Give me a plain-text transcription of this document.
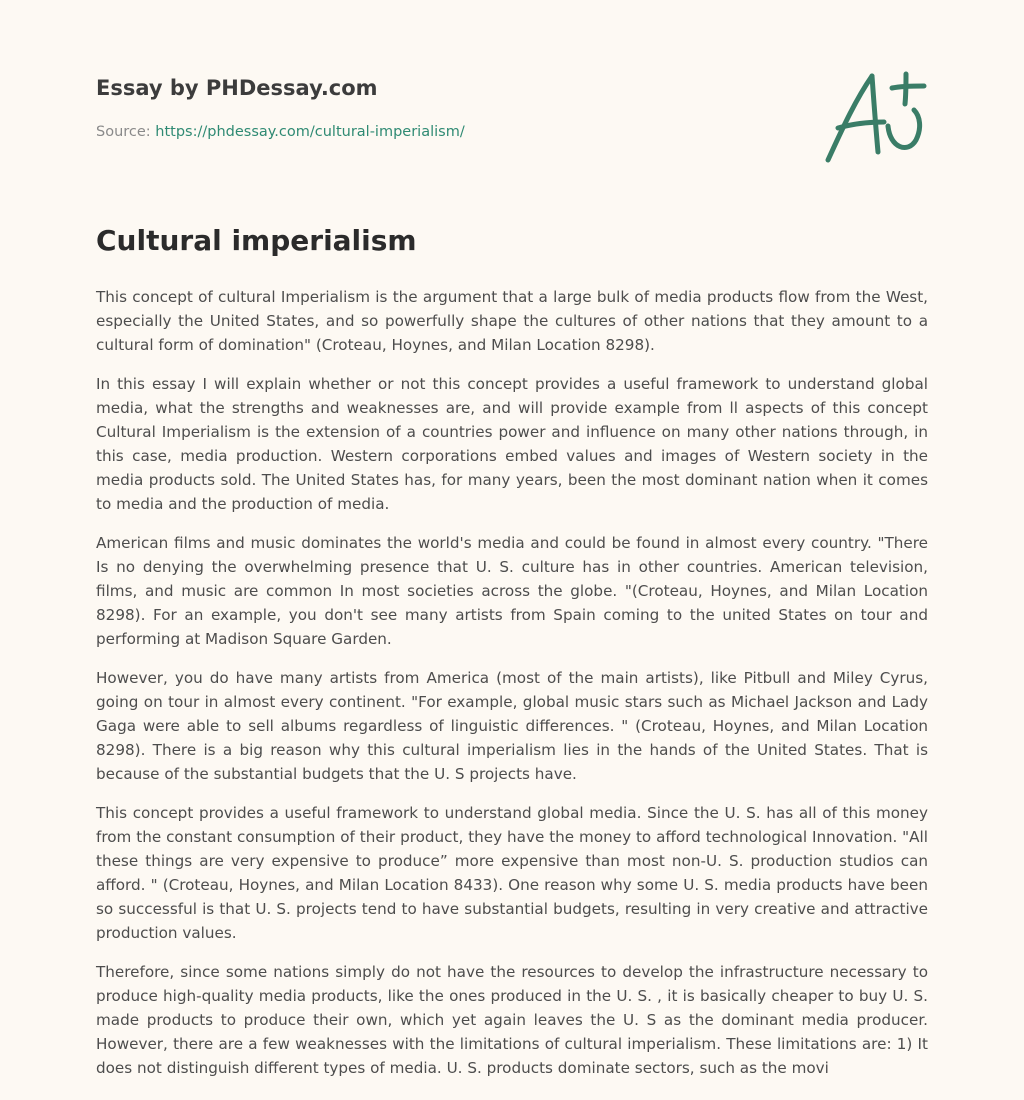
Essay by PHDessay.com
Source: https://phdessay.com/cultural-imperialism/
Cultural imperialism

This concept of cultural Imperialism is the argument that a large bulk of media products flow from the West, especially the United States, and so powerfully shape the cultures of other nations that they amount to a cultural form of domination" (Croteau, Hoynes, and Milan Location 8298).

In this essay I will explain whether or not this concept provides a useful framework to understand global media, what the strengths and weaknesses are, and will provide example from ll aspects of this concept Cultural Imperialism is the extension of a countries power and influence on many other nations through, in this case, media production. Western corporations embed values and images of Western society in the media products sold. The United States has, for many years, been the most dominant nation when it comes to media and the production of media.

American films and music dominates the world's media and could be found in almost every country. "There Is no denying the overwhelming presence that U. S. culture has in other countries. American television, films, and music are common In most societies across the globe. "(Croteau, Hoynes, and Milan Location 8298). For an example, you don't see many artists from Spain coming to the united States on tour and performing at Madison Square Garden.

However, you do have many artists from America (most of the main artists), like Pitbull and Miley Cyrus, going on tour in almost every continent. "For example, global music stars such as Michael Jackson and Lady Gaga were able to sell albums regardless of linguistic differences. " (Croteau, Hoynes, and Milan Location 8298). There is a big reason why this cultural imperialism lies in the hands of the United States. That is because of the substantial budgets that the U. S projects have.

This concept provides a useful framework to understand global media. Since the U. S. has all of this money from the constant consumption of their product, they have the money to afford technological Innovation. "All these things are very expensive to produce” more expensive than most non-U. S. production studios can afford. " (Croteau, Hoynes, and Milan Location 8433). One reason why some U. S. media products have been so successful is that U. S. projects tend to have substantial budgets, resulting in very creative and attractive production values.

Therefore, since some nations simply do not have the resources to develop the infrastructure necessary to produce high-quality media products, like the ones produced in the U. S. , it is basically cheaper to buy U. S. made products to produce their own, which yet again leaves the U. S as the dominant media producer. However, there are a few weaknesses with the limitations of cultural imperialism. These limitations are: 1) It does not distinguish different types of media. U. S. products dominate sectors, such as the movi
